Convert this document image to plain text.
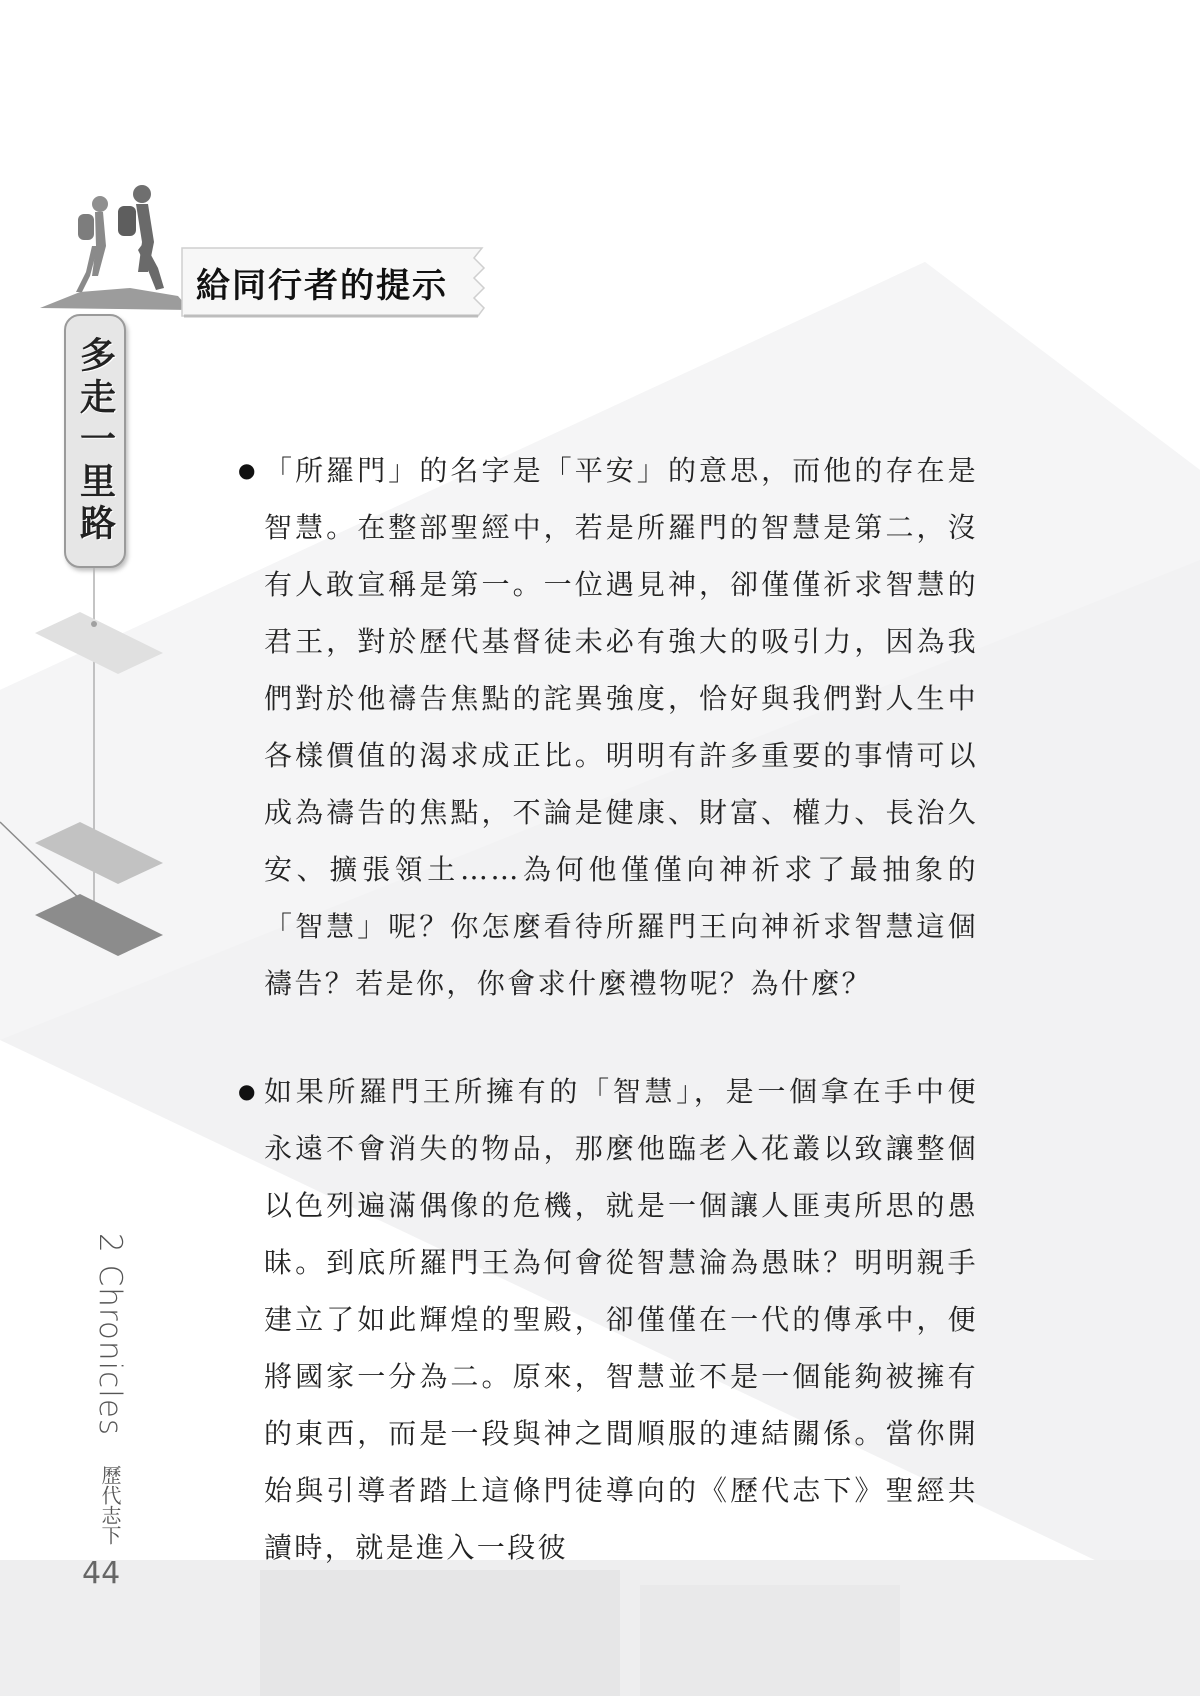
給同行者的提示
多走一里路	● 「所羅門」的名字是「平安」的意思，而他的存在是智慧。在整部聖經中，若是所羅門的智慧是第二，沒有人敢宣稱是第一。一位遇見神，卻僅僅祈求智慧的君王，對於歷代基督徒未必有強大的吸引力，因為我們對於他禱告焦點的詫異強度，恰好與我們對人生中各樣價值的渴求成正比。明明有許多重要的事情可以成為禱告的焦點，不論是健康、財富、權力、長治久安、擴張領土……為何他僅僅向神祈求了最抽象的「智慧」呢？你怎麼看待所羅門王向神祈求智慧這個禱告？若是你，你會求什麼禮物呢？為什麼？

● 如果所羅門王所擁有的「智慧」，是一個拿在手中便永遠不會消失的物品，那麼他臨老入花叢以致讓整個以色列遍滿偶像的危機，就是一個讓人匪夷所思的愚昧。到底所羅門王為何會從智慧淪為愚昧？明明親手建立了如此輝煌的聖殿，卻僅僅在一代的傳承中，便將國家一分為二。原來，智慧並不是一個能夠被擁有的東西，而是一段與神之間順服的連結關係。當你開始與引導者踏上這條門徒導向的《歷代志下》聖經共讀時，就是進入一段彼

2 Chronicles 歷代志下
44
